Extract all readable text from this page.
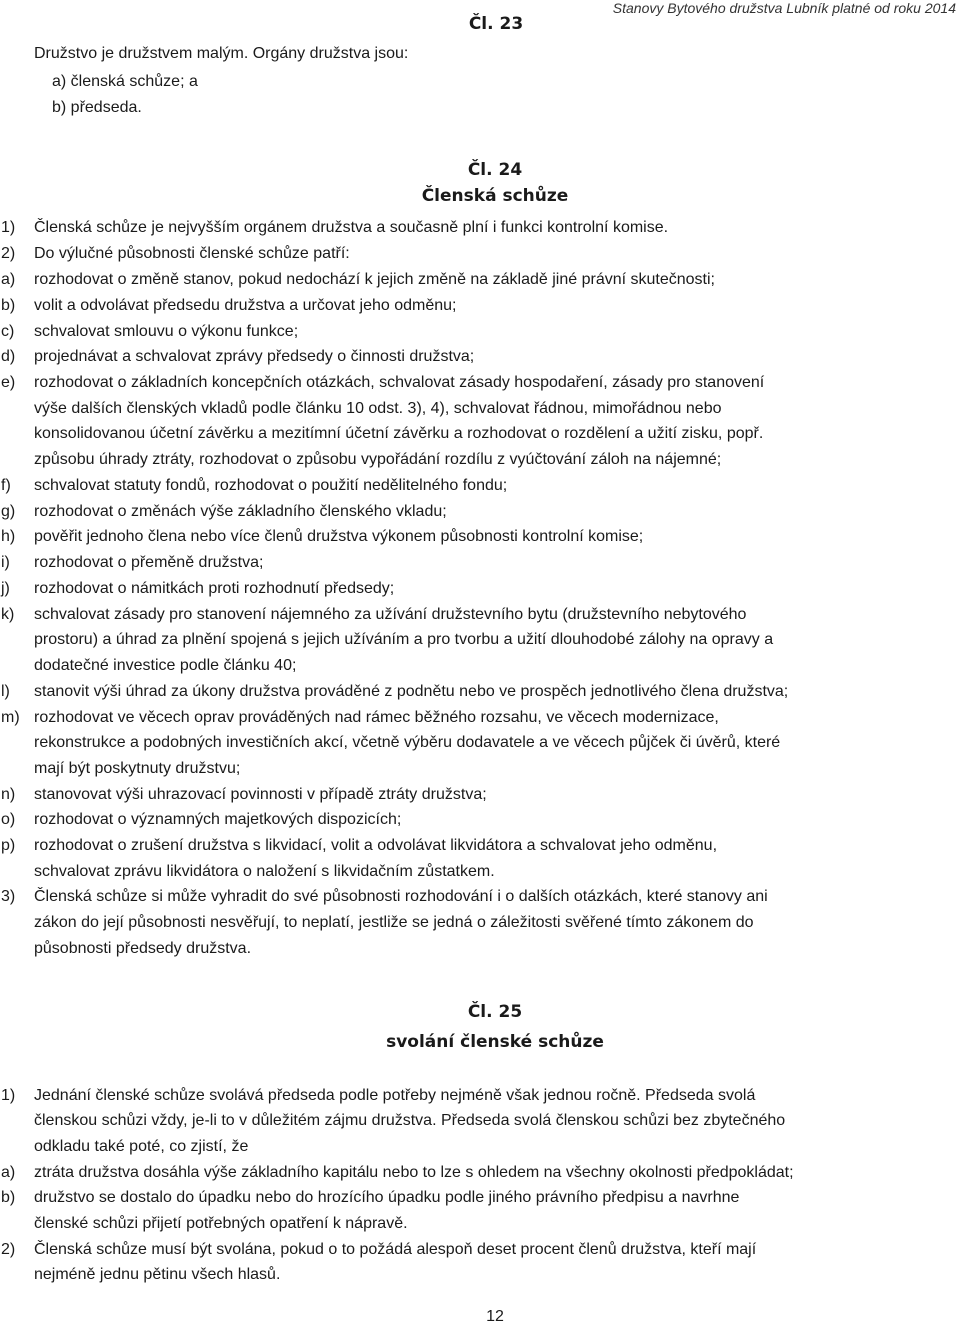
Stanovy Bytového družstva Lubník platné od roku 2014
Čl. 23
Družstvo je družstvem malým. Orgány družstva jsou:
a) členská schůze; a
b) předseda.
Čl. 24
Členská schůze
1)
2)
a)
b)
c)
d)
e)
f)
g)
h)
i)
j)
k)
l)
m)
n)
o)
p)
3)
Členská schůze je nejvyšším orgánem družstva a současně plní i funkci kontrolní komise.
Do výlučné působnosti členské schůze patří:
rozhodovat o změně stanov, pokud nedochází k jejich změně na základě jiné právní skutečnosti;
volit a odvolávat předsedu družstva a určovat jeho odměnu;
schvalovat smlouvu o výkonu funkce;
projednávat a schvalovat zprávy předsedy o činnosti družstva;
rozhodovat o základních koncepčních otázkách, schvalovat zásady hospodaření, zásady pro stanovení
výše dalších členských vkladů podle článku 10 odst. 3), 4), schvalovat řádnou, mimořádnou nebo
konsolidovanou účetní závěrku a mezitímní účetní závěrku a rozhodovat o rozdělení a užití zisku, popř.
způsobu úhrady ztráty, rozhodovat o způsobu vypořádání rozdílu z vyúčtování záloh na nájemné;
schvalovat statuty fondů, rozhodovat o použití nedělitelného fondu;
rozhodovat o změnách výše základního členského vkladu;
pověřit jednoho člena nebo více členů družstva výkonem působnosti kontrolní komise;
rozhodovat o přeměně družstva;
rozhodovat o námitkách proti rozhodnutí předsedy;
schvalovat zásady pro stanovení nájemného za užívání družstevního bytu (družstevního nebytového
prostoru) a úhrad za plnění spojená s jejich užíváním a pro tvorbu a užití dlouhodobé zálohy na opravy a
dodatečné investice podle článku 40;
stanovit výši úhrad za úkony družstva prováděné z podnětu nebo ve prospěch jednotlivého člena družstva;
rozhodovat ve věcech oprav prováděných nad rámec běžného rozsahu, ve věcech modernizace,
rekonstrukce a podobných investičních akcí, včetně výběru dodavatele a ve věcech půjček či úvěrů, které
mají být poskytnuty družstvu;
stanovovat výši uhrazovací povinnosti v případě ztráty družstva;
rozhodovat o významných majetkových dispozicích;
rozhodovat o zrušení družstva s likvidací, volit a odvolávat likvidátora a schvalovat jeho odměnu,
schvalovat zprávu likvidátora o naložení s likvidačním zůstatkem.
Členská schůze si může vyhradit do své působnosti rozhodování i o dalších otázkách, které stanovy ani
zákon do její působnosti nesvěřují, to neplatí, jestliže se jedná o záležitosti svěřené tímto zákonem do
působnosti předsedy družstva.
Čl. 25
svolání členské schůze
1)
a)
b)
2)
Jednání členské schůze svolává předseda podle potřeby nejméně však jednou ročně. Předseda svolá
členskou schůzi vždy, je-li to v důležitém zájmu družstva. Předseda svolá členskou schůzi bez zbytečného
odkladu také poté, co zjistí, že
ztráta družstva dosáhla výše základního kapitálu nebo to lze s ohledem na všechny okolnosti předpokládat;
družstvo se dostalo do úpadku nebo do hrozícího úpadku podle jiného právního předpisu a navrhne
členské schůzi přijetí potřebných opatření k nápravě.
Členská schůze musí být svolána, pokud o to požádá alespoň deset procent členů družstva, kteří mají
nejméně jednu pětinu všech hlasů.
12
